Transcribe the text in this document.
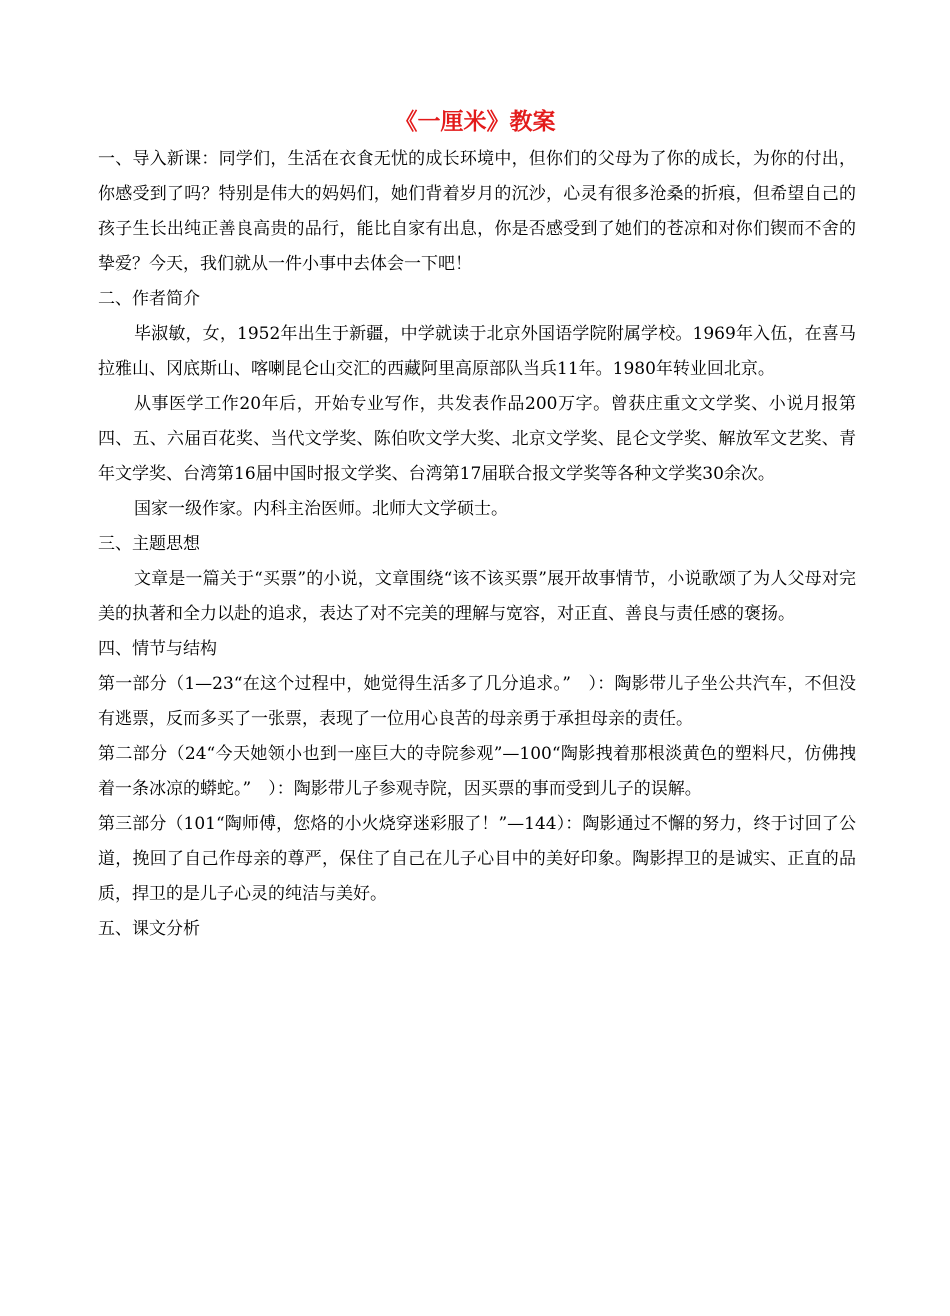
《一厘米》教案

一、导入新课：同学们，生活在衣食无忧的成长环境中，但你们的父母为了你的成长，为你的付出，你感受到了吗？特别是伟大的妈妈们，她们背着岁月的沉沙，心灵有很多沧桑的折痕，但希望自己的孩子生长出纯正善良高贵的品行，能比自家有出息，你是否感受到了她们的苍凉和对你们锲而不舍的挚爱？今天，我们就从一件小事中去体会一下吧！

二、作者简介

毕淑敏，女，1952年出生于新疆，中学就读于北京外国语学院附属学校。1969年入伍，在喜马拉雅山、冈底斯山、喀喇昆仑山交汇的西藏阿里高原部队当兵11年。1980年转业回北京。

从事医学工作20年后，开始专业写作，共发表作品200万字。曾获庄重文文学奖、小说月报第四、五、六届百花奖、当代文学奖、陈伯吹文学大奖、北京文学奖、昆仑文学奖、解放军文艺奖、青年文学奖、台湾第16届中国时报文学奖、台湾第17届联合报文学奖等各种文学奖30余次。

国家一级作家。内科主治医师。北师大文学硕士。

三、主题思想

文章是一篇关于“买票”的小说，文章围绕“该不该买票”展开故事情节，小说歌颂了为人父母对完美的执著和全力以赴的追求，表达了对不完美的理解与宽容，对正直、善良与责任感的褒扬。

四、情节与结构

第一部分（1—23“在这个过程中，她觉得生活多了几分追求。”　）：陶影带儿子坐公共汽车，不但没有逃票，反而多买了一张票，表现了一位用心良苦的母亲勇于承担母亲的责任。

第二部分（24“今天她领小也到一座巨大的寺院参观”—100“陶影拽着那根淡黄色的塑料尺，仿佛拽着一条冰凉的蟒蛇。”　）：陶影带儿子参观寺院，因买票的事而受到儿子的误解。

第三部分（101“陶师傅，您烙的小火烧穿迷彩服了！”—144）：陶影通过不懈的努力，终于讨回了公道，挽回了自己作母亲的尊严，保住了自己在儿子心目中的美好印象。陶影捍卫的是诚实、正直的品质，捍卫的是儿子心灵的纯洁与美好。

五、课文分析
